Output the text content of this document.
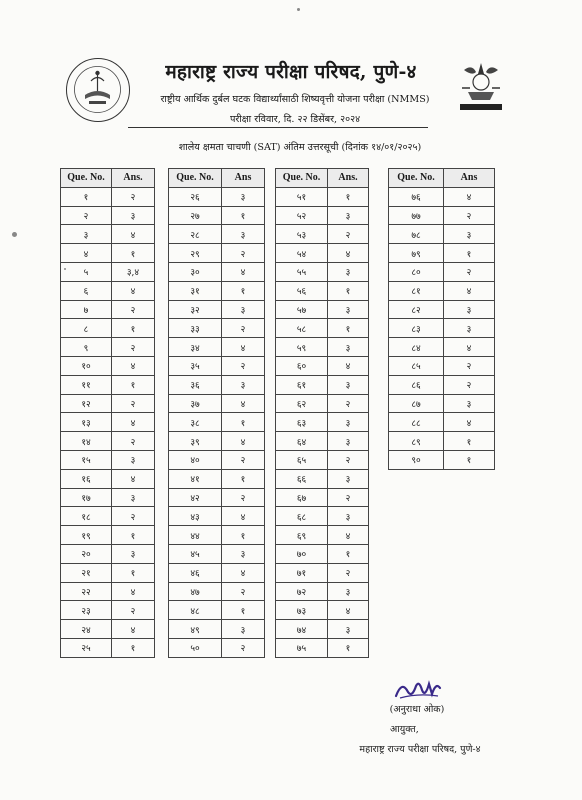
महाराष्ट्र राज्य परीक्षा परिषद, पुणे-४
राष्ट्रीय आर्थिक दुर्बल घटक विद्यार्थ्यांसाठी शिष्यवृत्ती योजना परीक्षा (NMMS)
परीक्षा रविवार, दि. २२ डिसेंबर, २०२४
शालेय क्षमता चाचणी (SAT) अंतिम उत्तरसूची (दिनांक १४/०१/२०२५)
Que. No.	Ans.
१	२
२	३
३	४
४	१
५	३,४
६	४
७	२
८	१
९	२
१०	४
११	१
१२	२
१३	४
१४	२
१५	३
१६	४
१७	३
१८	२
१९	१
२०	३
२१	१
२२	४
२३	२
२४	४
२५	१
Que. No.	Ans
२६	३
२७	१
२८	३
२९	२
३०	४
३१	१
३२	३
३३	२
३४	४
३५	२
३६	३
३७	४
३८	१
३९	४
४०	२
४१	१
४२	२
४३	४
४४	१
४५	३
४६	४
४७	२
४८	१
४९	३
५०	२
Que. No.	Ans.
५१	१
५२	३
५३	२
५४	४
५५	३
५६	१
५७	३
५८	१
५९	३
६०	४
६१	३
६२	२
६३	३
६४	३
६५	२
६६	३
६७	२
६८	३
६९	४
७०	१
७१	२
७२	३
७३	४
७४	३
७५	१
Que. No.	Ans
७६	४
७७	२
७८	३
७९	१
८०	२
८१	४
८२	३
८३	३
८४	४
८५	२
८६	२
८७	३
८८	४
८९	१
९०	१
(अनुराधा ओक)
आयुक्त,
महाराष्ट्र राज्य परीक्षा परिषद, पुणे-४
